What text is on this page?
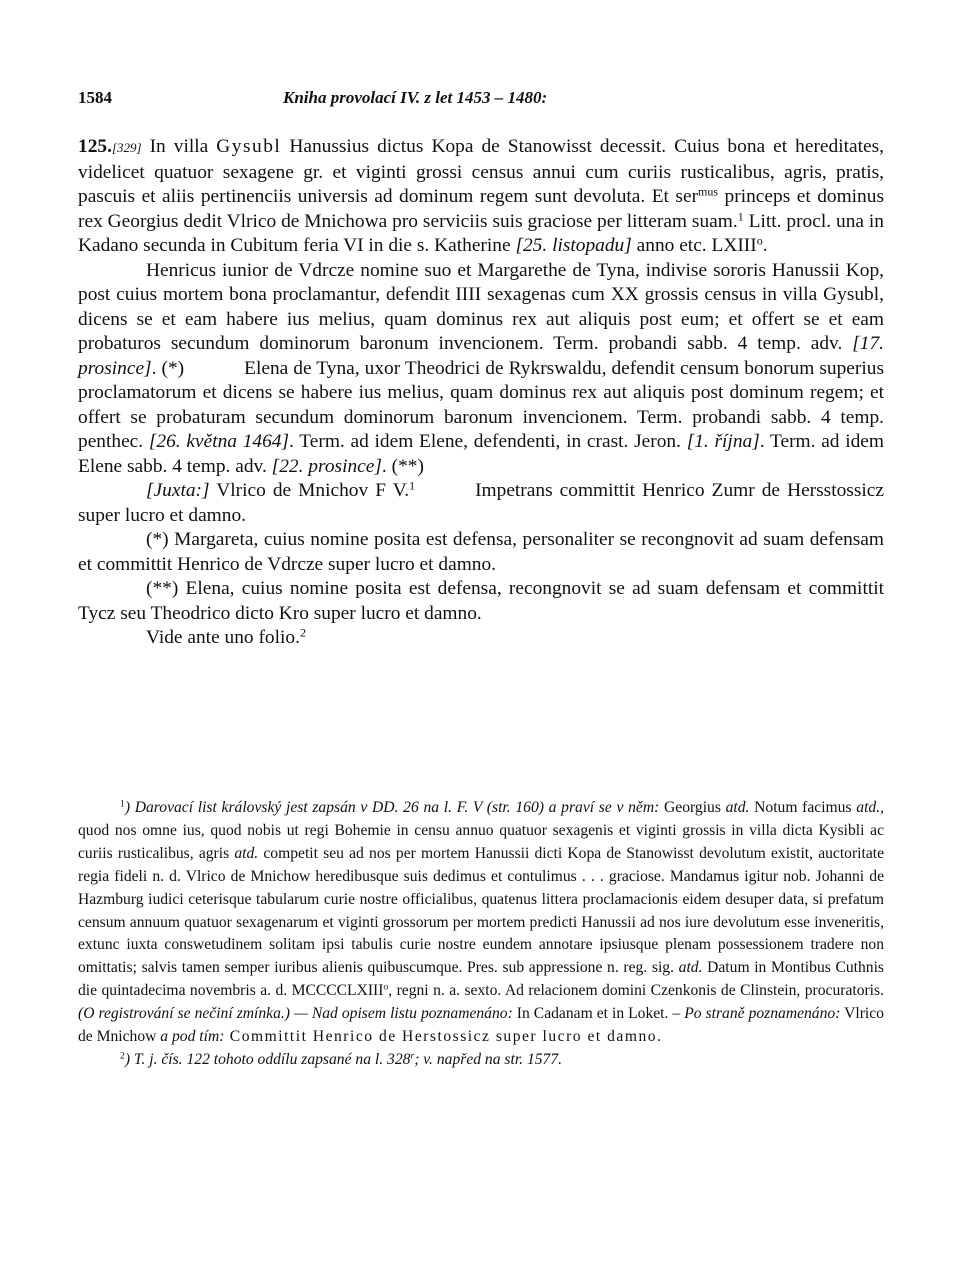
1584	Kniha provolací IV. z let 1453 – 1480:

125.[329] In villa Gysubl Hanussius dictus Kopa de Stanowisst decessit. Cuius bona et hereditates, videlicet quatuor sexagene gr. et viginti grossi census annui cum curiis rusticalibus, agris, pratis, pascuis et aliis pertinenciis universis ad dominum regem sunt devoluta. Et ser$^{mus}$ princeps et dominus rex Georgius dedit Vlrico de Mnichowa pro serviciis suis graciose per litteram suam.$^1$ Litt. procl. una in Kadano secunda in Cubitum feria VI in die s. Katherine [25. listopadu] anno etc. LXIII$^o$.

Henricus iunior de Vdrcze nomine suo et Margarethe de Tyna, indivise sororis Hanussii Kop, post cuius mortem bona proclamantur, defendit IIII sexagenas cum XX grossis census in villa Gysubl, dicens se et eam habere ius melius, quam dominus rex aut aliquis post eum; et offert se et eam probaturos secundum dominorum baronum invencionem. Term. probandi sabb. 4 temp. adv. [17. prosince]. (*)	Elena de Tyna, uxor Theodrici de Rykrswaldu, defendit censum bonorum superius proclamatorum et dicens se habere ius melius, quam dominus rex aut aliquis post dominum regem; et offert se probaturam secundum dominorum baronum invencionem. Term. probandi sabb. 4 temp. penthec. [26. května 1464]. Term. ad idem Elene, defendenti, in crast. Jeron. [1. října]. Term. ad idem Elene sabb. 4 temp. adv. [22. prosince]. (**)

[Juxta:] Vlrico de Mnichov F V.$^1$	Impetrans committit Henrico Zumr de Hersstossicz super lucro et damno.

(*) Margareta, cuius nomine posita est defensa, personaliter se recongnovit ad suam defensam et committit Henrico de Vdrcze super lucro et damno.

(**) Elena, cuius nomine posita est defensa, recongnovit se ad suam defensam et committit Tycz seu Theodrico dicto Kro super lucro et damno.

Vide ante uno folio.$^2$

$^1$) Darovací list královský jest zapsán v DD. 26 na l. F. V (str. 160) a praví se v něm: Georgius atd. Notum facimus atd., quod nos omne ius, quod nobis ut regi Bohemie in censu annuo quatuor sexagenis et viginti grossis in villa dicta Kysibli ac curiis rusticalibus, agris atd. competit seu ad nos per mortem Hanussii dicti Kopa de Stanowisst devolutum existit, auctoritate regia fideli n. d. Vlrico de Mnichow heredibusque suis dedimus et contulimus . . . graciose. Mandamus igitur nob. Johanni de Hazmburg iudici ceterisque tabularum curie nostre officialibus, quatenus littera proclamacionis eidem desuper data, si prefatum censum annuum quatuor sexagenarum et viginti grossorum per mortem predicti Hanussii ad nos iure devolutum esse inveneritis, extunc iuxta conswetudinem solitam ipsi tabulis curie nostre eundem annotare ipsiusque plenam possessionem tradere non omittatis; salvis tamen semper iuribus alienis quibuscumque. Pres. sub appressione n. reg. sig. atd. Datum in Montibus Cuthnis die quintadecima novembris a. d. MCCCCLXIII$^o$, regni n. a. sexto. Ad relacionem domini Czenkonis de Clinstein, procuratoris. (O registrování se nečiní zmínka.) — Nad opisem listu poznamenáno: In Cadanam et in Loket. – Po straně poznamenáno: Vlrico de Mnichow a pod tím: Committit Henrico de Herstossicz super lucro et damno.

$^2$) T. j. čís. 122 tohoto oddílu zapsané na l. 328$^r$; v. napřed na str. 1577.
